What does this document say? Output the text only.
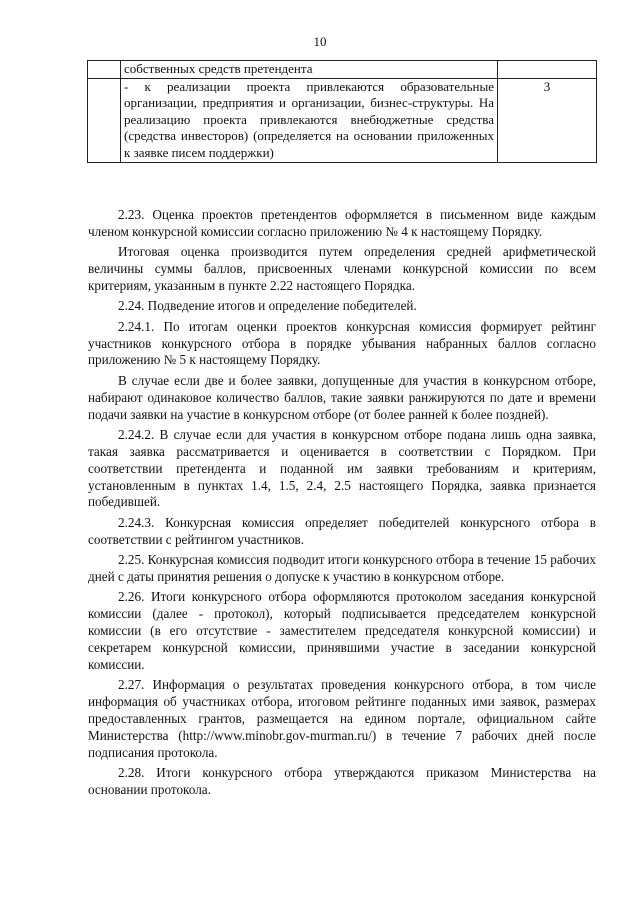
10
	собственных средств претендента	
	- к реализации проекта привлекаются образовательные организации, предприятия и организации, бизнес-структуры. На реализацию проекта привлекаются внебюджетные средства (средства инвесторов) (определяется на основании приложенных к заявке писем поддержки)	3

2.23. Оценка проектов претендентов оформляется в письменном виде каждым членом конкурсной комиссии согласно приложению № 4 к настоящему Порядку.

Итоговая оценка производится путем определения средней арифметической величины суммы баллов, присвоенных членами конкурсной комиссии по всем критериям, указанным в пункте 2.22 настоящего Порядка.

2.24. Подведение итогов и определение победителей.

2.24.1. По итогам оценки проектов конкурсная комиссия формирует рейтинг участников конкурсного отбора в порядке убывания набранных баллов согласно приложению № 5 к настоящему Порядку.

В случае если две и более заявки, допущенные для участия в конкурсном отборе, набирают одинаковое количество баллов, такие заявки ранжируются по дате и времени подачи заявки на участие в конкурсном отборе (от более ранней к более поздней).

2.24.2. В случае если для участия в конкурсном отборе подана лишь одна заявка, такая заявка рассматривается и оценивается в соответствии с Порядком. При соответствии претендента и поданной им заявки требованиям и критериям, установленным в пунктах 1.4, 1.5, 2.4, 2.5 настоящего Порядка, заявка признается победившей.

2.24.3. Конкурсная комиссия определяет победителей конкурсного отбора в соответствии с рейтингом участников.

2.25. Конкурсная комиссия подводит итоги конкурсного отбора в течение 15 рабочих дней с даты принятия решения о допуске к участию в конкурсном отборе.

2.26. Итоги конкурсного отбора оформляются протоколом заседания конкурсной комиссии (далее - протокол), который подписывается председателем конкурсной комиссии (в его отсутствие - заместителем председателя конкурсной комиссии) и секретарем конкурсной комиссии, принявшими участие в заседании конкурсной комиссии.

2.27. Информация о результатах проведения конкурсного отбора, в том числе информация об участниках отбора, итоговом рейтинге поданных ими заявок, размерах предоставленных грантов, размещается на едином портале, официальном сайте Министерства (http://www.minobr.gov-murman.ru/) в течение 7 рабочих дней после подписания протокола.

2.28. Итоги конкурсного отбора утверждаются приказом Министерства на основании протокола.
